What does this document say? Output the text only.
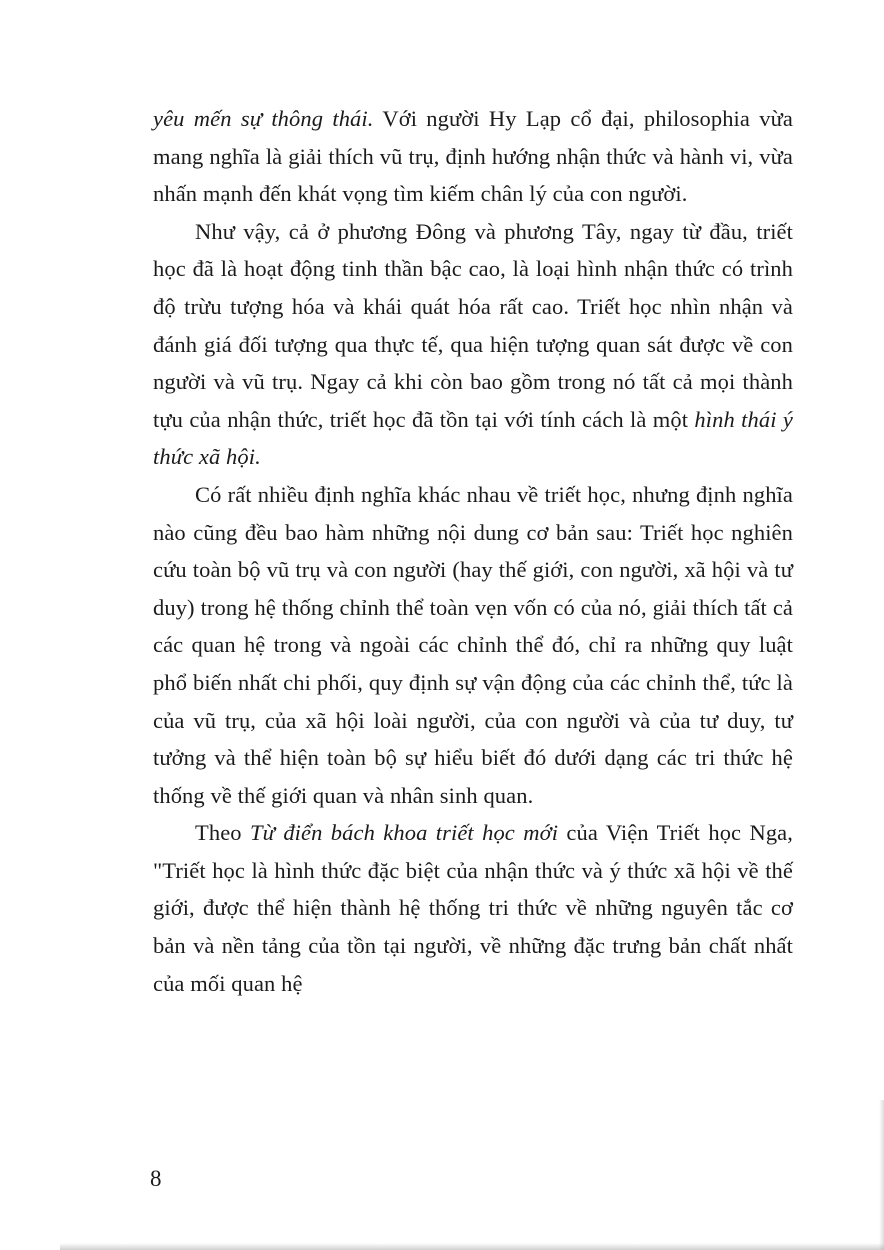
yêu mến sự thông thái. Với người Hy Lạp cổ đại, philosophia vừa mang nghĩa là giải thích vũ trụ, định hướng nhận thức và hành vi, vừa nhấn mạnh đến khát vọng tìm kiếm chân lý của con người.

Như vậy, cả ở phương Đông và phương Tây, ngay từ đầu, triết học đã là hoạt động tinh thần bậc cao, là loại hình nhận thức có trình độ trừu tượng hóa và khái quát hóa rất cao. Triết học nhìn nhận và đánh giá đối tượng qua thực tế, qua hiện tượng quan sát được về con người và vũ trụ. Ngay cả khi còn bao gồm trong nó tất cả mọi thành tựu của nhận thức, triết học đã tồn tại với tính cách là một hình thái ý thức xã hội.

Có rất nhiều định nghĩa khác nhau về triết học, nhưng định nghĩa nào cũng đều bao hàm những nội dung cơ bản sau: Triết học nghiên cứu toàn bộ vũ trụ và con người (hay thế giới, con người, xã hội và tư duy) trong hệ thống chỉnh thể toàn vẹn vốn có của nó, giải thích tất cả các quan hệ trong và ngoài các chỉnh thể đó, chỉ ra những quy luật phổ biến nhất chi phối, quy định sự vận động của các chỉnh thể, tức là của vũ trụ, của xã hội loài người, của con người và của tư duy, tư tưởng và thể hiện toàn bộ sự hiểu biết đó dưới dạng các tri thức hệ thống về thế giới quan và nhân sinh quan.

Theo Từ điển bách khoa triết học mới của Viện Triết học Nga, "Triết học là hình thức đặc biệt của nhận thức và ý thức xã hội về thế giới, được thể hiện thành hệ thống tri thức về những nguyên tắc cơ bản và nền tảng của tồn tại người, về những đặc trưng bản chất nhất của mối quan hệ

8
